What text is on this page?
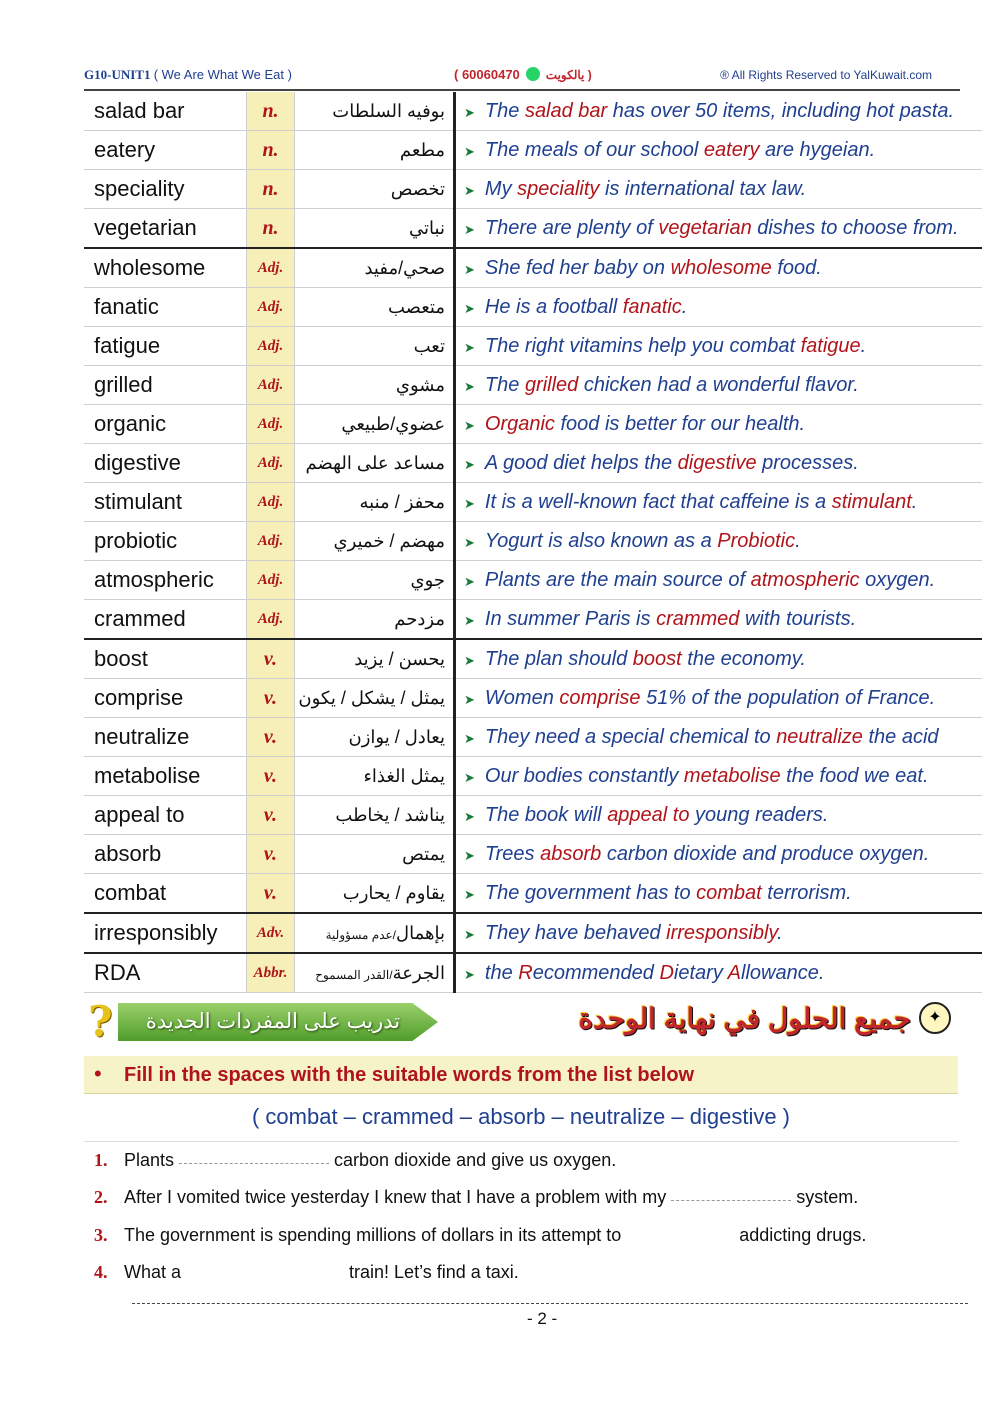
G10-UNIT1 ( We Are What We Eat )	( 60060470 يالكويت )	® All Rights Reserved to YalKuwait.com
salad bar	n.	بوفيه السلطات	➤ The salad bar has over 50 items, including hot pasta.
eatery	n.	مطعم	➤ The meals of our school eatery are hygeian.
speciality	n.	تخصص	➤ My speciality is international tax law.
vegetarian	n.	نباتي	➤ There are plenty of vegetarian dishes to choose from.
wholesome	Adj.	صحي/مفيد	➤ She fed her baby on wholesome food.
fanatic	Adj.	متعصب	➤ He is a football fanatic.
fatigue	Adj.	تعب	➤ The right vitamins help you combat fatigue.
grilled	Adj.	مشوي	➤ The grilled chicken had a wonderful flavor.
organic	Adj.	عضوي/طبيعي	➤ Organic food is better for our health.
digestive	Adj.	مساعد على الهضم	➤ A good diet helps the digestive processes.
stimulant	Adj.	محفز / منبه	➤ It is a well-known fact that caffeine is a stimulant.
probiotic	Adj.	مهضم / خميري	➤ Yogurt is also known as a Probiotic.
atmospheric	Adj.	جوي	➤ Plants are the main source of atmospheric oxygen.
crammed	Adj.	مزدحم	➤ In summer Paris is crammed with tourists.
boost	v.	يحسن / يزيد	➤ The plan should boost the economy.
comprise	v.	يمثل / يشكل / يكون	➤ Women comprise 51% of the population of France.
neutralize	v.	يعادل / يوازن	➤ They need a special chemical to neutralize the acid
metabolise	v.	يمثل الغذاء	➤ Our bodies constantly metabolise the food we eat.
appeal to	v.	يناشد / يخاطب	➤ The book will appeal to young readers.
absorb	v.	يمتص	➤ Trees absorb carbon dioxide and produce oxygen.
combat	v.	يقاوم / يحارب	➤ The government has to combat terrorism.
irresponsibly	Adv.	بإهمال/عدم مسؤولية	➤ They have behaved irresponsibly.
RDA	Abbr.	الجرعة/القدر المسموح	➤ the Recommended Dietary Allowance.
?	تدريب على المفردات الجديدة	✦
جميع الحلول في نهاية الوحدة
• Fill in the spaces with the suitable words from the list below
( combat – crammed – absorb – neutralize – digestive )
1. Plants	carbon dioxide and give us oxygen.
2. After I vomited twice yesterday I knew that I have a problem with my	system.
3. The government is spending millions of dollars in its attempt to	addicting drugs.
4. What a	train! Let’s find a taxi.
- 2 -
